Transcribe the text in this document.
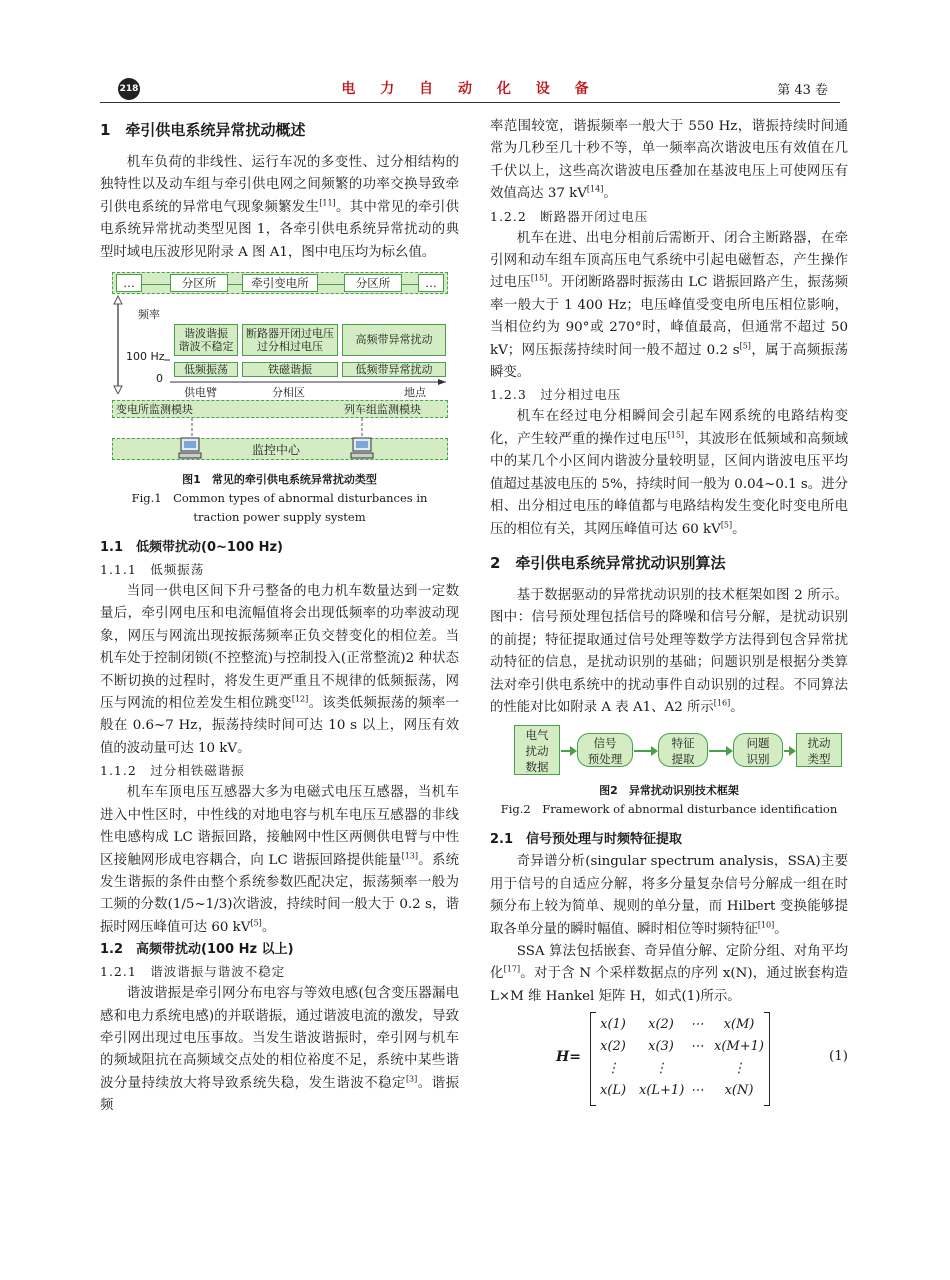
218	电 力 自 动 化 设 备	第 43 卷
1　牵引供电系统异常扰动概述
机车负荷的非线性、运行车况的多变性、过分相结构的独特性以及动车组与牵引供电网之间频繁的功率交换导致牵引供电系统的异常电气现象频繁发生[11]。其中常见的牵引供电系统异常扰动类型见图 1，各牵引供电系统异常扰动的典型时域电压波形见附录 A 图 A1，图中电压均为标幺值。
…	分区所	牵引变电所	分区所	…
频率
100 Hz
0
谐波谐振
谐波不稳定
断路器开闭过电压
过分相过电压
高频带异常扰动
低频振荡	铁磁谐振	低频带异常扰动
供电臂	分相区	地点
变电所监测模块	列车组监测模块
监控中心
图1　常见的牵引供电系统异常扰动类型
Fig.1　Common types of abnormal disturbances in traction power supply system
1.1　低频带扰动(0~100 Hz)
1.1.1　低频振荡
当同一供电区间下升弓整备的电力机车数量达到一定数量后，牵引网电压和电流幅值将会出现低频率的功率波动现象，网压与网流出现按振荡频率正负交替变化的相位差。当机车处于控制闭锁(不控整流)与控制投入(正常整流)2 种状态不断切换的过程时，将发生更严重且不规律的低频振荡，网压与网流的相位差发生相位跳变[12]。该类低频振荡的频率一般在 0.6~7 Hz，振荡持续时间可达 10 s 以上，网压有效值的波动量可达 10 kV。
1.1.2　过分相铁磁谐振
机车车顶电压互感器大多为电磁式电压互感器，当机车进入中性区时，中性线的对地电容与机车电压互感器的非线性电感构成 LC 谐振回路，接触网中性区两侧供电臂与中性区接触网形成电容耦合，向 LC 谐振回路提供能量[13]。系统发生谐振的条件由整个系统参数匹配决定，振荡频率一般为工频的分数(1/5~1/3)次谐波，持续时间一般大于 0.2 s，谐振时网压峰值可达 60 kV[5]。
1.2　高频带扰动(100 Hz 以上)
1.2.1　谐波谐振与谐波不稳定
谐波谐振是牵引网分布电容与等效电感(包含变压器漏电感和电力系统电感)的并联谐振，通过谐波电流的激发，导致牵引网出现过电压事故。当发生谐波谐振时，牵引网与机车的频域阻抗在高频域交点处的相位裕度不足，系统中某些谐波分量持续放大将导致系统失稳，发生谐波不稳定[3]。谐振频
率范围较宽，谐振频率一般大于 550 Hz，谐振持续时间通常为几秒至几十秒不等，单一频率高次谐波电压有效值在几千伏以上，这些高次谐波电压叠加在基波电压上可使网压有效值高达 37 kV[14]。
1.2.2　断路器开闭过电压
机车在进、出电分相前后需断开、闭合主断路器，在牵引网和动车组车顶高压电气系统中引起电磁暂态，产生操作过电压[15]。开闭断路器时振荡由 LC 谐振回路产生，振荡频率一般大于 1 400 Hz；电压峰值受变电所电压相位影响，当相位约为 90°或 270°时，峰值最高，但通常不超过 50 kV；网压振荡持续时间一般不超过 0.2 s[5]，属于高频振荡瞬变。
1.2.3　过分相过电压
机车在经过电分相瞬间会引起车网系统的电路结构变化，产生较严重的操作过电压[15]，其波形在低频域和高频域中的某几个小区间内谐波分量较明显，区间内谐波电压平均值超过基波电压的 5%，持续时间一般为 0.04~0.1 s。进分相、出分相过电压的峰值都与电路结构发生变化时变电所电压的相位有关，其网压峰值可达 60 kV[5]。
2　牵引供电系统异常扰动识别算法
基于数据驱动的异常扰动识别的技术框架如图 2 所示。图中：信号预处理包括信号的降噪和信号分解，是扰动识别的前提；特征提取通过信号处理等数学方法得到包含异常扰动特征的信息，是扰动识别的基础；问题识别是根据分类算法对牵引供电系统中的扰动事件自动识别的过程。不同算法的性能对比如附录 A 表 A1、A2 所示[16]。
电气
扰动
数据
信号
预处理
特征
提取
问题
识别
扰动
类型
图2　异常扰动识别技术框架
Fig.2　Framework of abnormal disturbance identification
2.1　信号预处理与时频特征提取
奇异谱分析(singular spectrum analysis，SSA)主要用于信号的自适应分解，将多分量复杂信号分解成一组在时频分布上较为简单、规则的单分量，而 Hilbert 变换能够提取各单分量的瞬时幅值、瞬时相位等时频特征[10]。
SSA 算法包括嵌套、奇异值分解、定阶分组、对角平均化[17]。对于含 N 个采样数据点的序列 x(N)，通过嵌套构造 L×M 维 Hankel 矩阵 H，如式(1)所示。
H=
x(1)	x(2)	⋯	x(M)
x(2)	x(3)	⋯ x(M+1)
⋮	⋮	⋮
x(L) x(L+1) ⋯	x(N)
(1)
